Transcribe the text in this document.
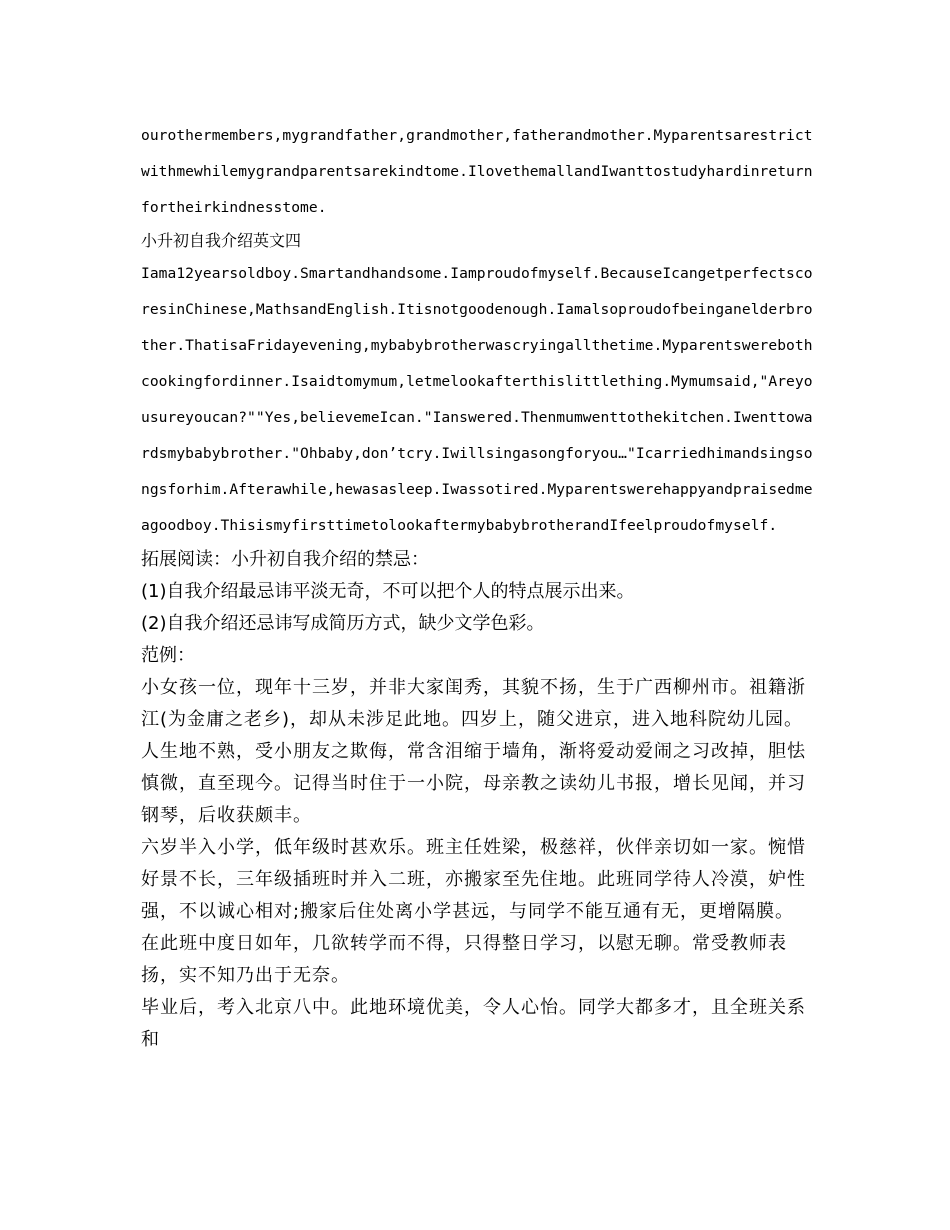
ourothermembers,mygrandfather,grandmother,fatherandmother.Myparentsarestrictwithmewhilemygrandparentsarekindtome.IlovethemallandIwanttostudyhardinreturnfortheirkindnesstome.

小升初自我介绍英文四

Iama12yearsoldboy.Smartandhandsome.Iamproudofmyself.BecauseIcangetperfectscoresinChinese,MathsandEnglish.Itisnotgoodenough.Iamalsoproudofbeinganelderbrother.ThatisaFridayevening,mybabybrotherwascryingallthetime.Myparentswerebothcookingfordinner.Isaidtomymum,letmelookafterthislittlething.Mymumsaid,"Areyousureyoucan?""Yes,believemeIcan."Ianswered.Thenmumwenttothekitchen.Iwenttowardsmybabybrother."Ohbaby,don’tcry.Iwillsingasongforyou…"Icarriedhimandsingsongsforhim.Afterawhile,hewasasleep.Iwassotired.Myparentswerehappyandpraisedmeagoodboy.ThisismyfirsttimetolookaftermybabybrotherandIfeelproudofmyself.

拓展阅读：小升初自我介绍的禁忌：

(1)自我介绍最忌讳平淡无奇，不可以把个人的特点展示出来。

(2)自我介绍还忌讳写成简历方式，缺少文学色彩。

范例：

小女孩一位，现年十三岁，并非大家闺秀，其貌不扬，生于广西柳州市。祖籍浙江(为金庸之老乡)，却从未涉足此地。四岁上，随父进京，进入地科院幼儿园。人生地不熟，受小朋友之欺侮，常含泪缩于墙角，渐将爱动爱闹之习改掉，胆怯慎微，直至现今。记得当时住于一小院，母亲教之读幼儿书报，增长见闻，并习钢琴，后收获颇丰。

六岁半入小学，低年级时甚欢乐。班主任姓梁，极慈祥，伙伴亲切如一家。惋惜好景不长，三年级插班时并入二班，亦搬家至先住地。此班同学待人冷漠，妒性强，不以诚心相对;搬家后住处离小学甚远，与同学不能互通有无，更增隔膜。在此班中度日如年，几欲转学而不得，只得整日学习，以慰无聊。常受教师表扬，实不知乃出于无奈。

毕业后，考入北京八中。此地环境优美，令人心怡。同学大都多才，且全班关系和
